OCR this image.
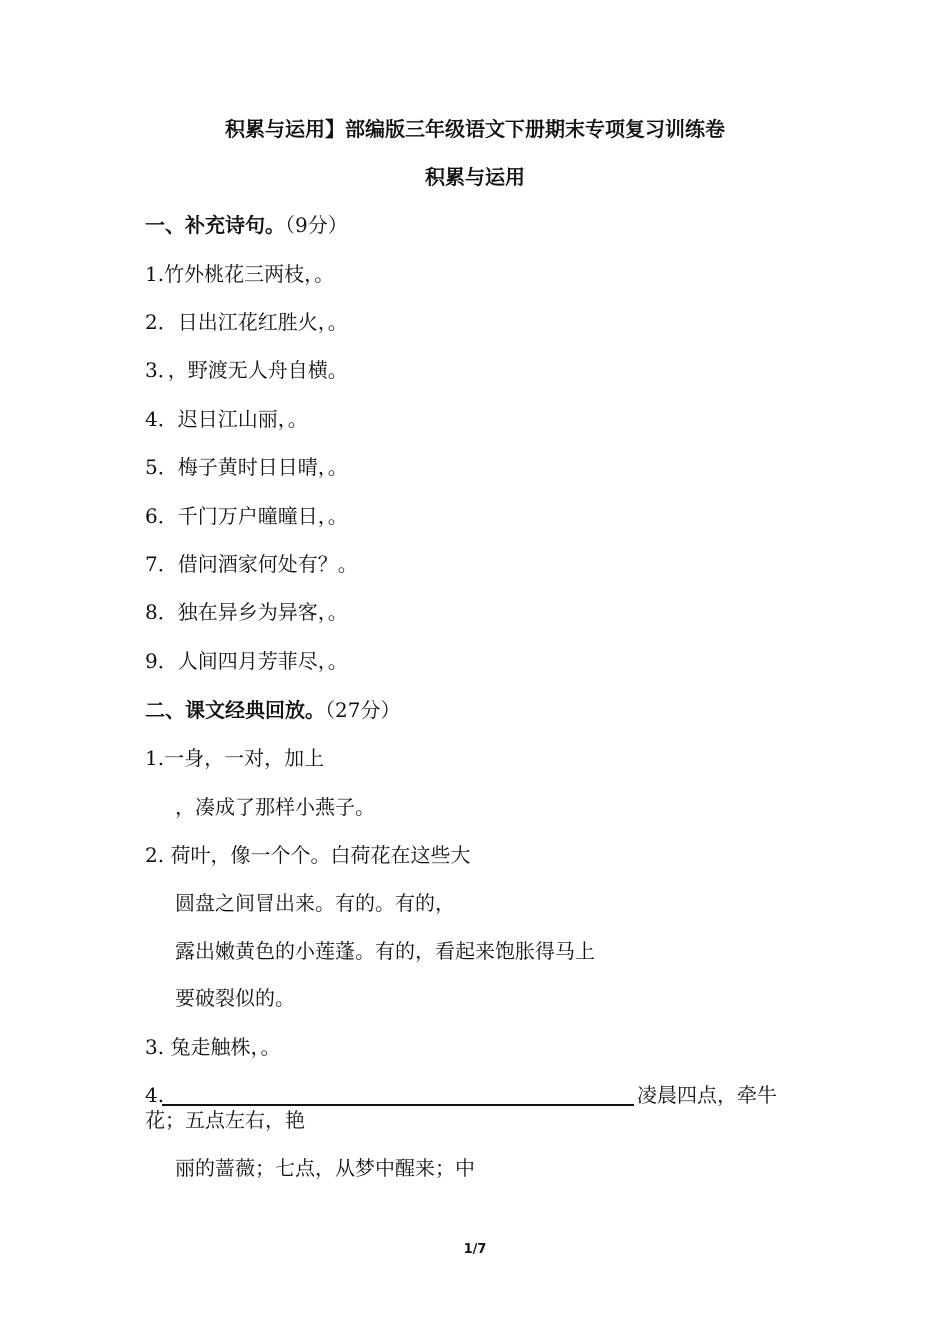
积累与运用】部编版三年级语文下册期末专项复习训练卷
积累与运用
一、补充诗句。（9分）
1.竹外桃花三两枝，。
2．日出江花红胜火，。
3．，野渡无人舟自横。
4．迟日江山丽，。
5．梅子黄时日日晴，。
6．千门万户曈曈日，。
7．借问酒家何处有？。
8．独在异乡为异客，。
9．人间四月芳菲尽，。
二、课文经典回放。（27分）
1.一身，一对，加上
，凑成了那样小燕子。
2. 荷叶，像一个个。白荷花在这些大
圆盘之间冒出来。有的。有的，
露出嫩黄色的小莲蓬。有的，看起来饱胀得马上
要破裂似的。
3. 兔走触株，。
4.	凌晨四点，牵牛
花；五点左右，艳
丽的蔷薇；七点，从梦中醒来；中
1/7
